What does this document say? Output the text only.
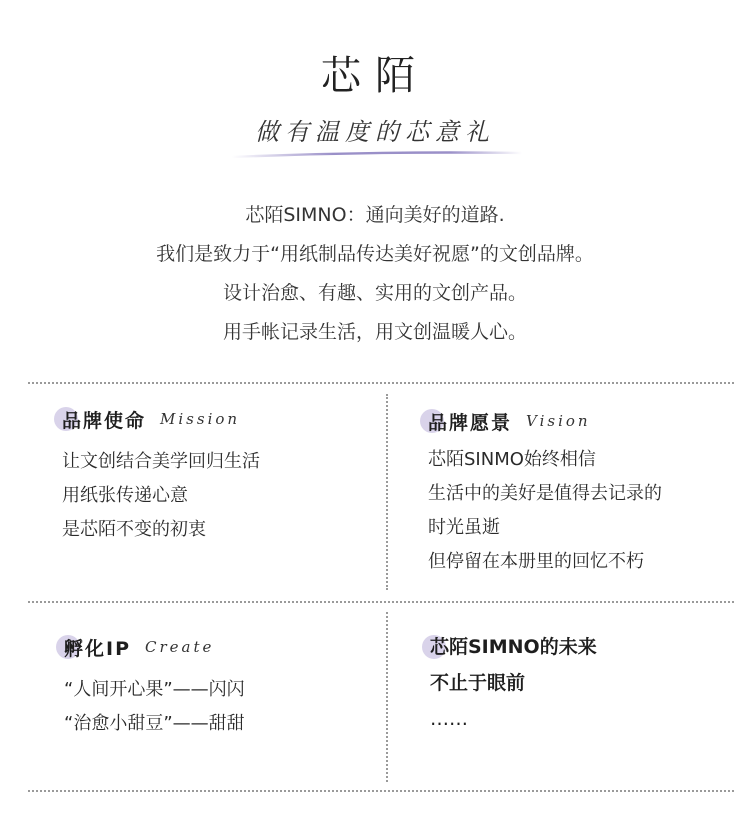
芯陌
做有温度的芯意礼
芯陌SIMNO：通向美好的道路.
我们是致力于“用纸制品传达美好祝愿”的文创品牌。
设计治愈、有趣、实用的文创产品。
用手帐记录生活，用文创温暖人心。
品牌使命 Mission
让文创结合美学回归生活
用纸张传递心意
是芯陌不变的初衷
品牌愿景 Vision
芯陌SINMO始终相信
生活中的美好是值得去记录的
时光虽逝
但停留在本册里的回忆不朽
孵化IP Create
“人间开心果”——闪闪
“治愈小甜豆”——甜甜
芯陌SIMNO的未来
不止于眼前
……
